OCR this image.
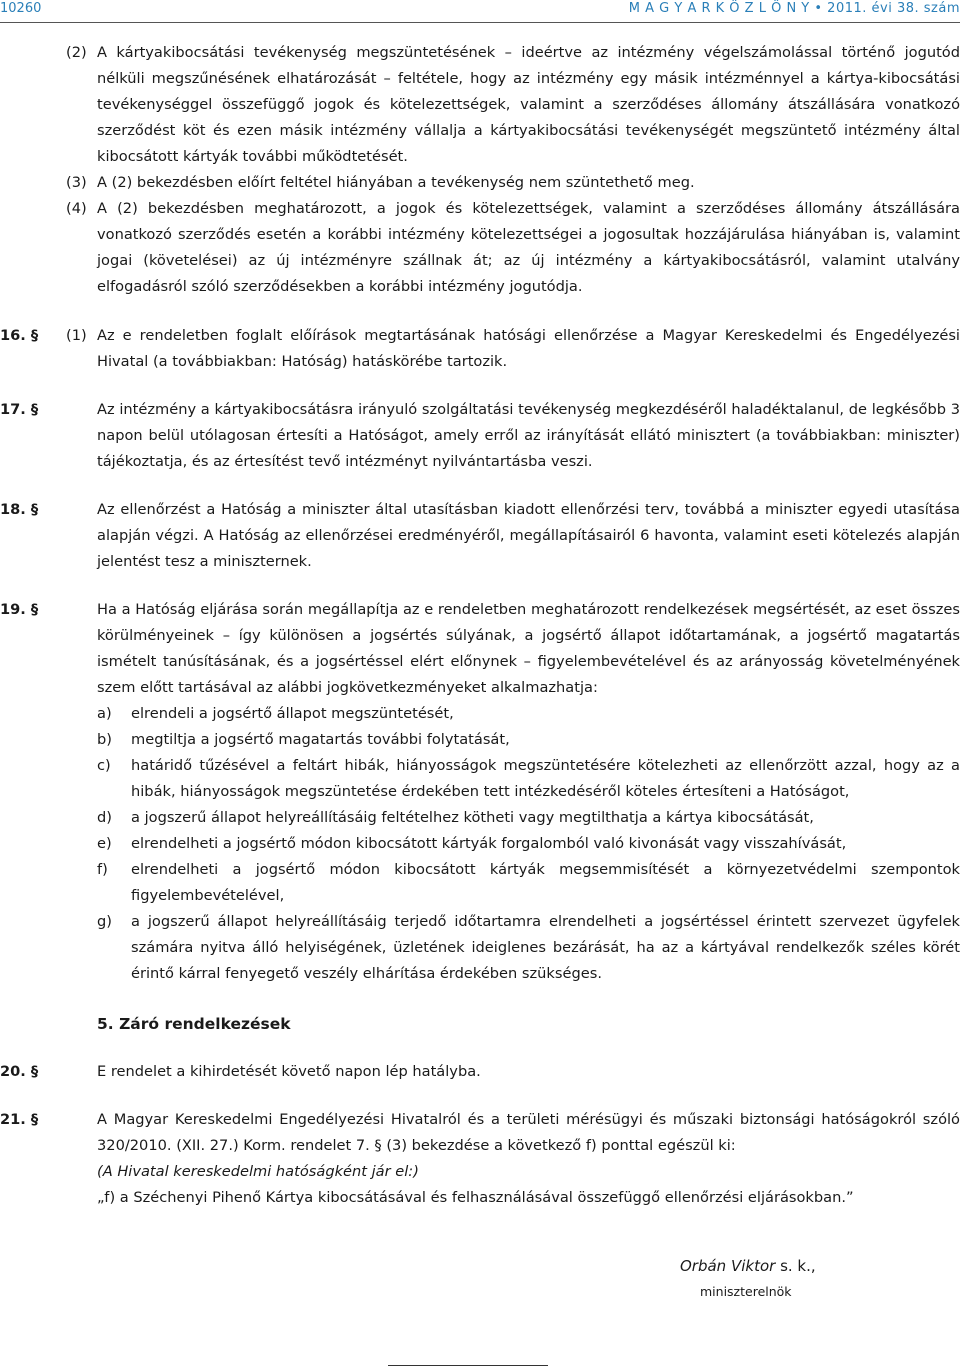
10260	M A G Y A R K Ö Z L Ö N Y • 2011. évi 38. szám
(2) A kártyakibocsátási tevékenység megszüntetésének – ideértve az intézmény végelszámolással történő jogutód nélküli megszűnésének elhatározását – feltétele, hogy az intézmény egy másik intézménnyel a kártya-kibocsátási tevékenységgel összefüggő jogok és kötelezettségek, valamint a szerződéses állomány átszállására vonatkozó szerződést köt és ezen másik intézmény vállalja a kártyakibocsátási tevékenységét megszüntető intézmény által kibocsátott kártyák további működtetését.
(3) A (2) bekezdésben előírt feltétel hiányában a tevékenység nem szüntethető meg.
(4) A (2) bekezdésben meghatározott, a jogok és kötelezettségek, valamint a szerződéses állomány átszállására vonatkozó szerződés esetén a korábbi intézmény kötelezettségei a jogosultak hozzájárulása hiányában is, valamint jogai (követelései) az új intézményre szállnak át; az új intézmény a kártyakibocsátásról, valamint utalvány elfogadásról szóló szerződésekben a korábbi intézmény jogutódja.
16. § (1) Az e rendeletben foglalt előírások megtartásának hatósági ellenőrzése a Magyar Kereskedelmi és Engedélyezési Hivatal (a továbbiakban: Hatóság) hatáskörébe tartozik.
17. §	Az intézmény a kártyakibocsátásra irányuló szolgáltatási tevékenység megkezdéséről haladéktalanul, de legkésőbb 3 napon belül utólagosan értesíti a Hatóságot, amely erről az irányítását ellátó minisztert (a továbbiakban: miniszter) tájékoztatja, és az értesítést tevő intézményt nyilvántartásba veszi.
18. §	Az ellenőrzést a Hatóság a miniszter által utasításban kiadott ellenőrzési terv, továbbá a miniszter egyedi utasítása alapján végzi. A Hatóság az ellenőrzései eredményéről, megállapításairól 6 havonta, valamint eseti kötelezés alapján jelentést tesz a miniszternek.
19. §	Ha a Hatóság eljárása során megállapítja az e rendeletben meghatározott rendelkezések megsértését, az eset összes körülményeinek – így különösen a jogsértés súlyának, a jogsértő állapot időtartamának, a jogsértő magatartás ismételt tanúsításának, és a jogsértéssel elért előnynek – figyelembevételével és az arányosság követelményének szem előtt tartásával az alábbi jogkövetkezményeket alkalmazhatja:
a) elrendeli a jogsértő állapot megszüntetését,
b) megtiltja a jogsértő magatartás további folytatását,
c) határidő tűzésével a feltárt hibák, hiányosságok megszüntetésére kötelezheti az ellenőrzött azzal, hogy az a hibák, hiányosságok megszüntetése érdekében tett intézkedéséről köteles értesíteni a Hatóságot,
d) a jogszerű állapot helyreállításáig feltételhez kötheti vagy megtilthatja a kártya kibocsátását,
e) elrendelheti a jogsértő módon kibocsátott kártyák forgalomból való kivonását vagy visszahívását,
f) elrendelheti a jogsértő módon kibocsátott kártyák megsemmisítését a környezetvédelmi szempontok figyelembevételével,
g) a jogszerű állapot helyreállításáig terjedő időtartamra elrendelheti a jogsértéssel érintett szervezet ügyfelek számára nyitva álló helyiségének, üzletének ideiglenes bezárását, ha az a kártyával rendelkezők széles körét érintő kárral fenyegető veszély elhárítása érdekében szükséges.
5. Záró rendelkezések
20. §	E rendelet a kihirdetését követő napon lép hatályba.
21. §	A Magyar Kereskedelmi Engedélyezési Hivatalról és a területi mérésügyi és műszaki biztonsági hatóságokról szóló 320/2010. (XII. 27.) Korm. rendelet 7. § (3) bekezdése a következő f) ponttal egészül ki:
(A Hivatal kereskedelmi hatóságként jár el:)
„f) a Széchenyi Pihenő Kártya kibocsátásával és felhasználásával összefüggő ellenőrzési eljárásokban.”
Orbán Viktor s. k.,
miniszterelnök
